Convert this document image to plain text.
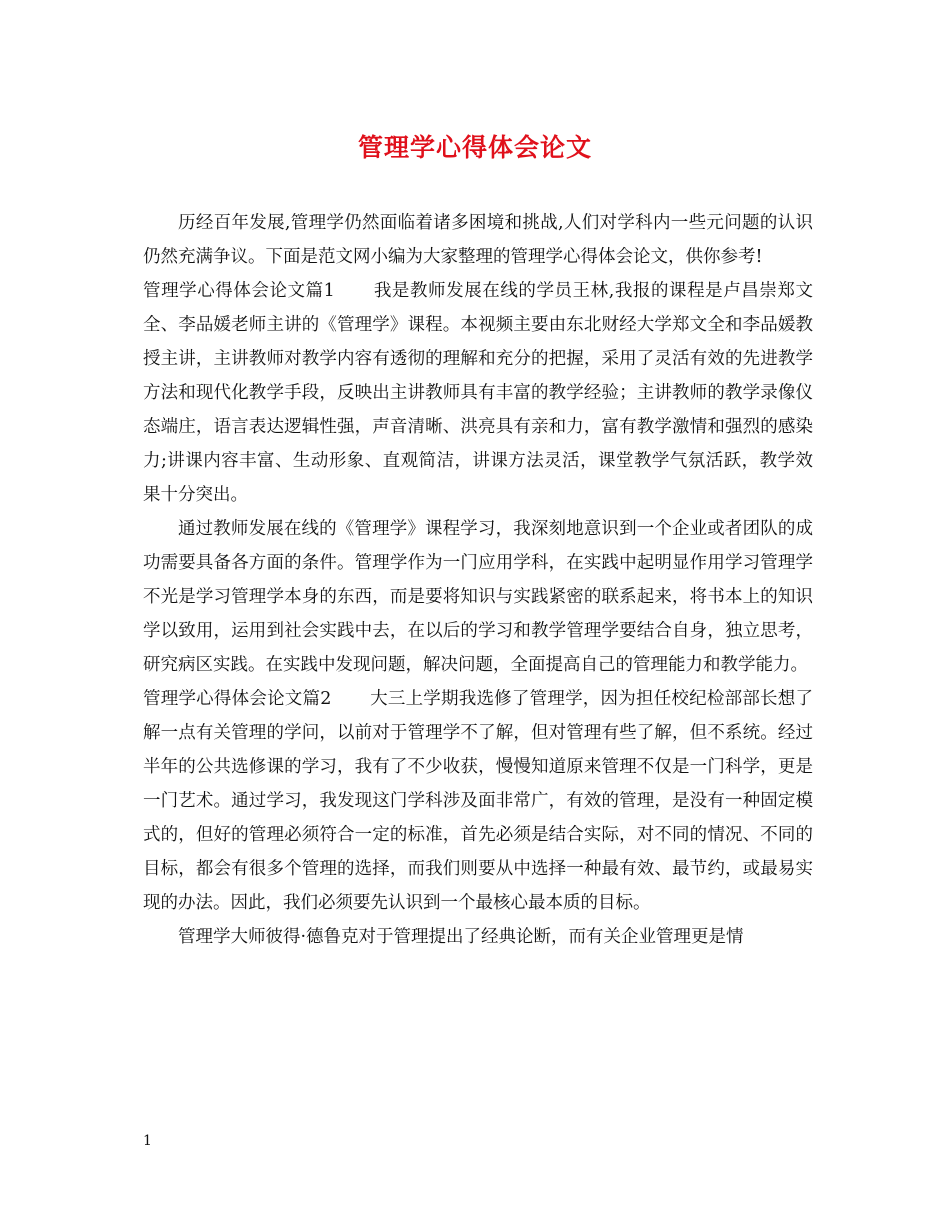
管理学心得体会论文

历经百年发展,管理学仍然面临着诸多困境和挑战,人们对学科内一些元问题的认识仍然充满争议。下面是范文网小编为大家整理的管理学心得体会论文，供你参考!

管理学心得体会论文篇1 我是教师发展在线的学员王林,我报的课程是卢昌崇郑文全、李品媛老师主讲的《管理学》课程。本视频主要由东北财经大学郑文全和李品媛教授主讲，主讲教师对教学内容有透彻的理解和充分的把握，采用了灵活有效的先进教学方法和现代化教学手段，反映出主讲教师具有丰富的教学经验；主讲教师的教学录像仪态端庄，语言表达逻辑性强，声音清晰、洪亮具有亲和力，富有教学激情和强烈的感染力;讲课内容丰富、生动形象、直观简洁，讲课方法灵活，课堂教学气氛活跃，教学效果十分突出。

通过教师发展在线的《管理学》课程学习，我深刻地意识到一个企业或者团队的成功需要具备各方面的条件。管理学作为一门应用学科，在实践中起明显作用学习管理学不光是学习管理学本身的东西，而是要将知识与实践紧密的联系起来，将书本上的知识学以致用，运用到社会实践中去，在以后的学习和教学管理学要结合自身，独立思考，研究病区实践。在实践中发现问题，解决问题，全面提高自己的管理能力和教学能力。

管理学心得体会论文篇2 大三上学期我选修了管理学，因为担任校纪检部部长想了解一点有关管理的学问，以前对于管理学不了解，但对管理有些了解，但不系统。经过半年的公共选修课的学习，我有了不少收获，慢慢知道原来管理不仅是一门科学，更是一门艺术。通过学习，我发现这门学科涉及面非常广，有效的管理，是没有一种固定模式的，但好的管理必须符合一定的标准，首先必须是结合实际，对不同的情况、不同的目标，都会有很多个管理的选择，而我们则要从中选择一种最有效、最节约，或最易实现的办法。因此，我们必须要先认识到一个最核心最本质的目标。

管理学大师彼得·德鲁克对于管理提出了经典论断，而有关企业管理更是情

1
